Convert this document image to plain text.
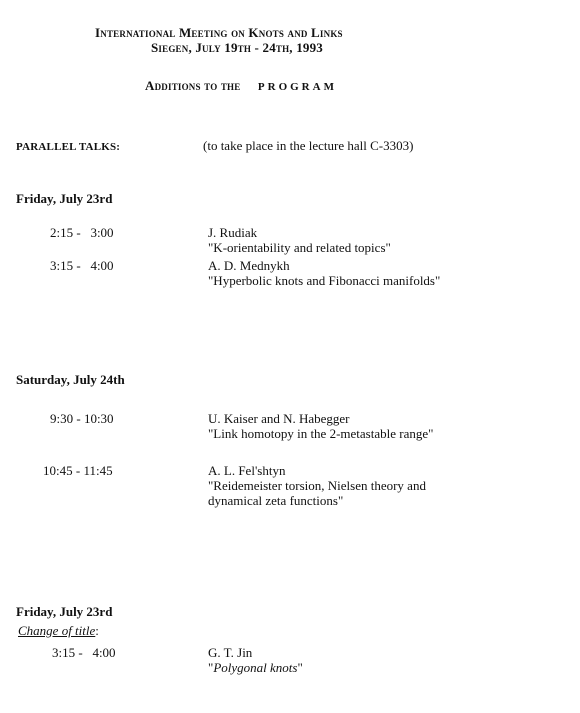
International Meeting on Knots and Links
Siegen, July 19th - 24th, 1993
Additions to the PROGRAM
PARALLEL TALKS:	(to take place in the lecture hall C-3303)
Friday, July 23rd
2:15 -   3:00	J. Rudiak
"K-orientability and related topics"
3:15 -   4:00	A. D. Mednykh
"Hyperbolic knots and Fibonacci manifolds"
Saturday, July 24th
9:30 - 10:30	U. Kaiser and N. Habegger
"Link homotopy in the 2-metastable range"
10:45 - 11:45	A. L. Fel'shtyn
"Reidemeister torsion, Nielsen theory and
dynamical zeta functions"
Friday, July 23rd
Change of title:
3:15 -   4:00	G. T. Jin
"Polygonal knots"
